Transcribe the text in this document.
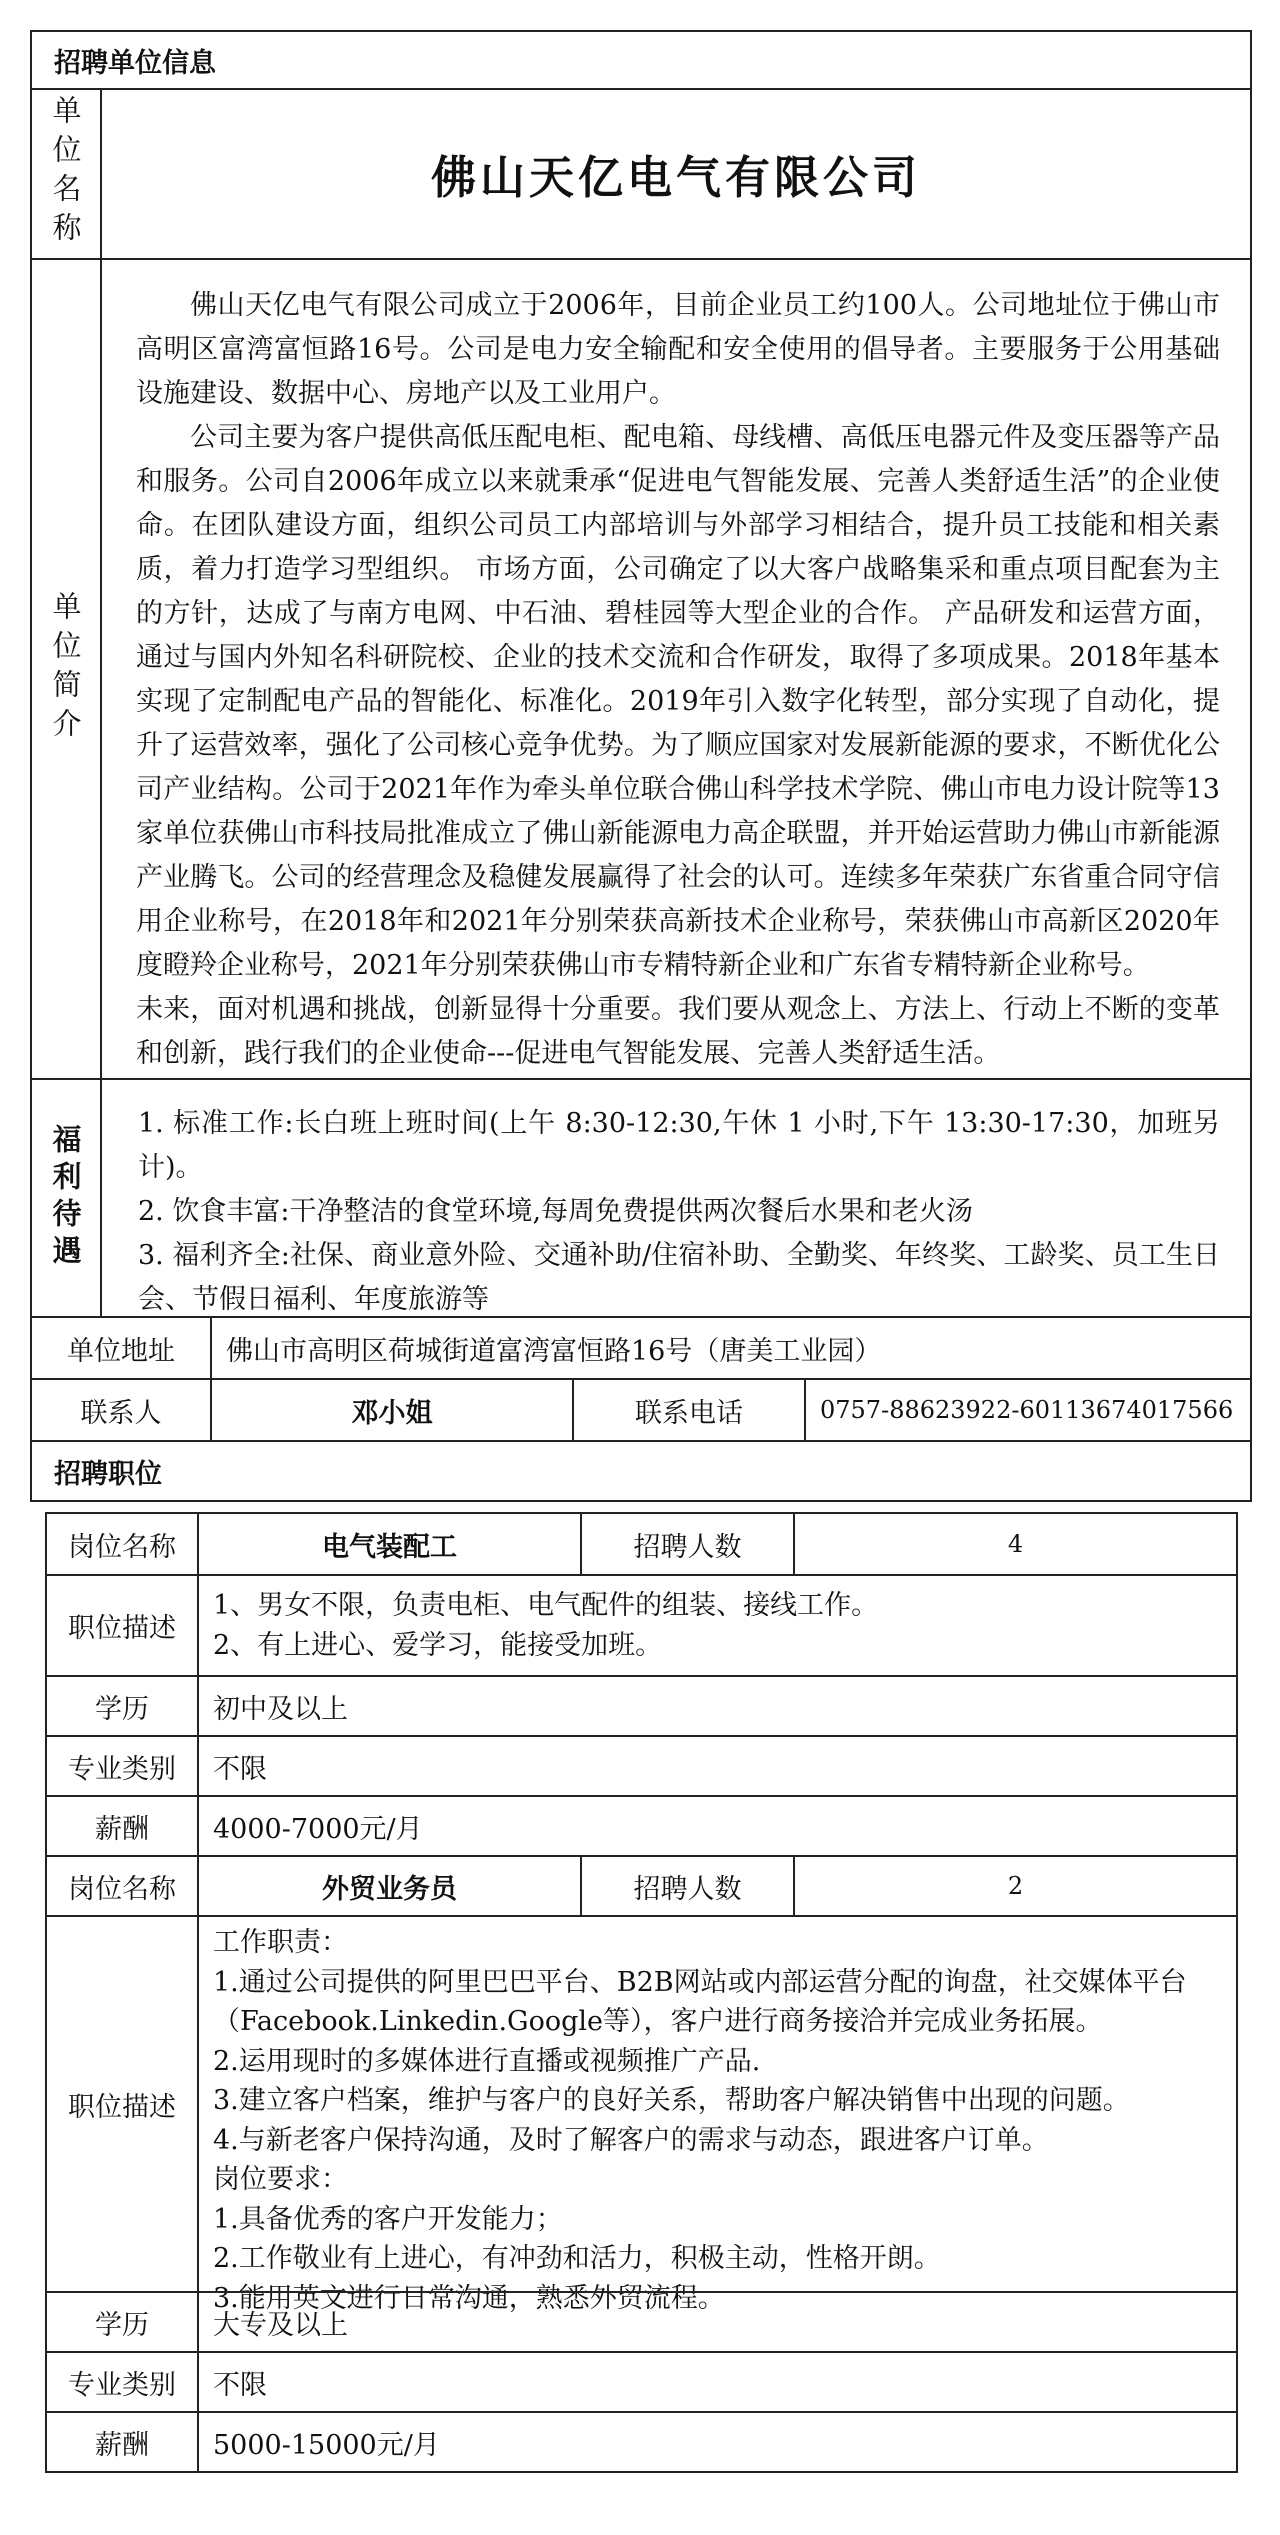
招聘单位信息
单位名称	佛山天亿电气有限公司
单位简介

佛山天亿电气有限公司成立于2006年，目前企业员工约100人。公司地址位于佛山市高明区富湾富恒路16号。公司是电力安全输配和安全使用的倡导者。主要服务于公用基础设施建设、数据中心、房地产以及工业用户。

公司主要为客户提供高低压配电柜、配电箱、母线槽、高低压电器元件及变压器等产品和服务。公司自2006年成立以来就秉承“促进电气智能发展、完善人类舒适生活”的企业使命。在团队建设方面，组织公司员工内部培训与外部学习相结合，提升员工技能和相关素质，着力打造学习型组织。 市场方面，公司确定了以大客户战略集采和重点项目配套为主的方针，达成了与南方电网、中石油、碧桂园等大型企业的合作。 产品研发和运营方面，通过与国内外知名科研院校、企业的技术交流和合作研发，取得了多项成果。2018年基本实现了定制配电产品的智能化、标准化。2019年引入数字化转型，部分实现了自动化，提升了运营效率，强化了公司核心竞争优势。为了顺应国家对发展新能源的要求，不断优化公司产业结构。公司于2021年作为牵头单位联合佛山科学技术学院、佛山市电力设计院等13家单位获佛山市科技局批准成立了佛山新能源电力高企联盟，并开始运营助力佛山市新能源产业腾飞。公司的经营理念及稳健发展赢得了社会的认可。连续多年荣获广东省重合同守信用企业称号，在2018年和2021年分别荣获高新技术企业称号，荣获佛山市高新区2020年度瞪羚企业称号，2021年分别荣获佛山市专精特新企业和广东省专精特新企业称号。

未来，面对机遇和挑战，创新显得十分重要。我们要从观念上、方法上、行动上不断的变革和创新，践行我们的企业使命---促进电气智能发展、完善人类舒适生活。

福利待遇

1. 标准工作:长白班上班时间(上午 8:30-12:30,午休 1 小时,下午 13:30-17:30，加班另计)。

2. 饮食丰富:干净整洁的食堂环境,每周免费提供两次餐后水果和老火汤

3. 福利齐全:社保、商业意外险、交通补助/住宿补助、全勤奖、年终奖、工龄奖、员工生日会、节假日福利、年度旅游等

单位地址	佛山市高明区荷城街道富湾富恒路16号（唐美工业园）
联系人	邓小姐	联系电话	0757-88623922-60113674017566
招聘职位
岗位名称	电气装配工	招聘人数	4
职位描述
1、男女不限，负责电柜、电气配件的组装、接线工作。
2、有上进心、爱学习，能接受加班。
学历	初中及以上
专业类别	不限
薪酬	4000-7000元/月
岗位名称	外贸业务员	招聘人数	2
职位描述
工作职责：
1.通过公司提供的阿里巴巴平台、B2B网站或内部运营分配的询盘，社交媒体平台（Facebook.Linkedin.Google等），客户进行商务接洽并完成业务拓展。
2.运用现时的多媒体进行直播或视频推广产品.
3.建立客户档案，维护与客户的良好关系，帮助客户解决销售中出现的问题。
4.与新老客户保持沟通，及时了解客户的需求与动态，跟进客户订单。
岗位要求：
1.具备优秀的客户开发能力；
2.工作敬业有上进心，有冲劲和活力，积极主动，性格开朗。
3.能用英文进行日常沟通，熟悉外贸流程。
学历	大专及以上
专业类别	不限
薪酬	5000-15000元/月
